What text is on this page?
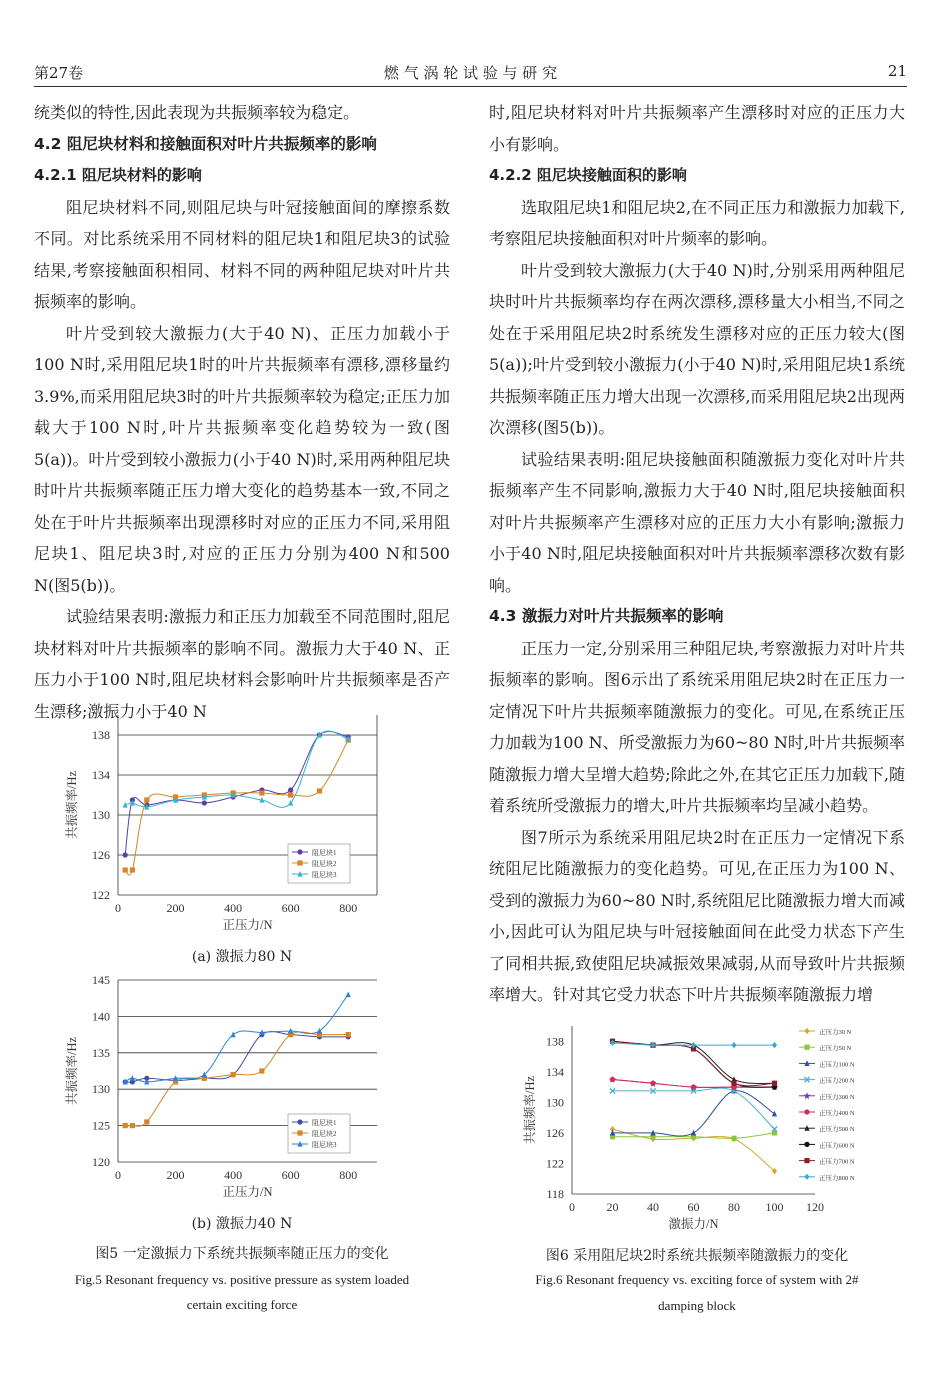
第27卷	燃 气 涡 轮 试 验 与 研 究	21

统类似的特性,因此表现为共振频率较为稳定。

4.2 阻尼块材料和接触面积对叶片共振频率的影响

4.2.1 阻尼块材料的影响

阻尼块材料不同,则阻尼块与叶冠接触面间的摩擦系数不同。对比系统采用不同材料的阻尼块1和阻尼块3的试验结果,考察接触面积相同、材料不同的两种阻尼块对叶片共振频率的影响。

叶片受到较大激振力(大于40 N)、正压力加载小于100 N时,采用阻尼块1时的叶片共振频率有漂移,漂移量约3.9%,而采用阻尼块3时的叶片共振频率较为稳定;正压力加载大于100 N时,叶片共振频率变化趋势较为一致(图5(a))。叶片受到较小激振力(小于40 N)时,采用两种阻尼块时叶片共振频率随正压力增大变化的趋势基本一致,不同之处在于叶片共振频率出现漂移时对应的正压力不同,采用阻尼块1、阻尼块3时,对应的正压力分别为400 N和500 N(图5(b))。

试验结果表明:激振力和正压力加载至不同范围时,阻尼块材料对叶片共振频率的影响不同。激振力大于40 N、正压力小于100 N时,阻尼块材料会影响叶片共振频率是否产生漂移;激振力小于40 N

时,阻尼块材料对叶片共振频率产生漂移时对应的正压力大小有影响。

4.2.2 阻尼块接触面积的影响

选取阻尼块1和阻尼块2,在不同正压力和激振力加载下,考察阻尼块接触面积对叶片频率的影响。

叶片受到较大激振力(大于40 N)时,分别采用两种阻尼块时叶片共振频率均存在两次漂移,漂移量大小相当,不同之处在于采用阻尼块2时系统发生漂移对应的正压力较大(图5(a));叶片受到较小激振力(小于40 N)时,采用阻尼块1系统共振频率随正压力增大出现一次漂移,而采用阻尼块2出现两次漂移(图5(b))。

试验结果表明:阻尼块接触面积随激振力变化对叶片共振频率产生不同影响,激振力大于40 N时,阻尼块接触面积对叶片共振频率产生漂移对应的正压力大小有影响;激振力小于40 N时,阻尼块接触面积对叶片共振频率漂移次数有影响。

4.3 激振力对叶片共振频率的影响

正压力一定,分别采用三种阻尼块,考察激振力对叶片共振频率的影响。图6示出了系统采用阻尼块2时在正压力一定情况下叶片共振频率随激振力的变化。可见,在系统正压力加载为100 N、所受激振力为60~80 N时,叶片共振频率随激振力增大呈增大趋势;除此之外,在其它正压力加载下,随着系统所受激振力的增大,叶片共振频率均呈减小趋势。

图7所示为系统采用阻尼块2时在正压力一定情况下系统阻尼比随激振力的变化趋势。可见,在正压力为100 N、受到的激振力为60~80 N时,系统阻尼比随激振力增大而减小,因此可认为阻尼块与叶冠接触面间在此受力状态下产生了同相共振,致使阻尼块减振效果减弱,从而导致叶片共振频率增大。针对其它受力状态下叶片共振频率随激振力增

122
126
130
134
138
0	200	400	600	800
正压力/N
共振频率/Hz
阻尼块1
阻尼块2
阻尼块3
(a) 激振力80 N
120
125
130
135
140
145
0	200	400	600	800
正压力/N
共振频率/Hz
阻尼块1
阻尼块2
阻尼块3
(b) 激振力40 N
图5 一定激振力下系统共振频率随正压力的变化
Fig.5 Resonant frequency vs. positive pressure as system loaded
certain exciting force
118
122
126
130
134
138
0	20 40 60 80 100 120
激振力/N
共振频率/Hz
正压力30 N
正压力50 N
正压力100 N
正压力200 N
正压力300 N
正压力400 N
正压力500 N
正压力600 N
正压力700 N
正压力800 N
图6 采用阻尼块2时系统共振频率随激振力的变化
Fig.6 Resonant frequency vs. exciting force of system with 2#
damping block
